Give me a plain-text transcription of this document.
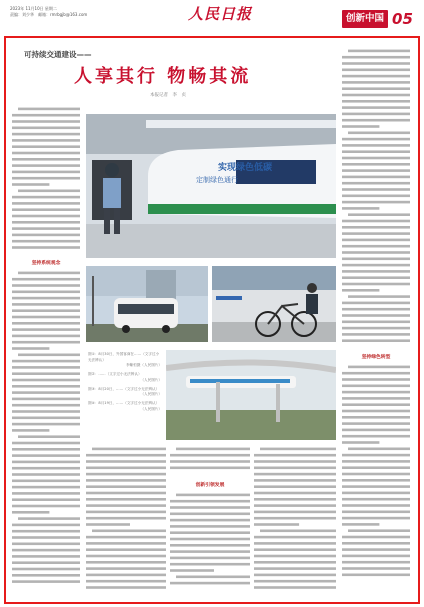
2023年 11月10日 星期二
责编：刘少华　邮箱：rmrbgjb@163.com	人民日报	创新中国 05
可持续交通建设——
人享其行 物畅其流
本报记者　李　贞
坚持系统观念
坚持绿色转型
定制绿色通行
实现绿色低碳
图①：8月30日，外国客商在……（文字过小无法辨认）
李紫恒摄（人民图片）
图②：……（文字过小无法辨认）
（人民图片）
图③：8月20日，……（文字过小无法辨认）
（人民图片）
图④：8月19日，……（文字过小无法辨认）
（人民图片）
创新引领发展
